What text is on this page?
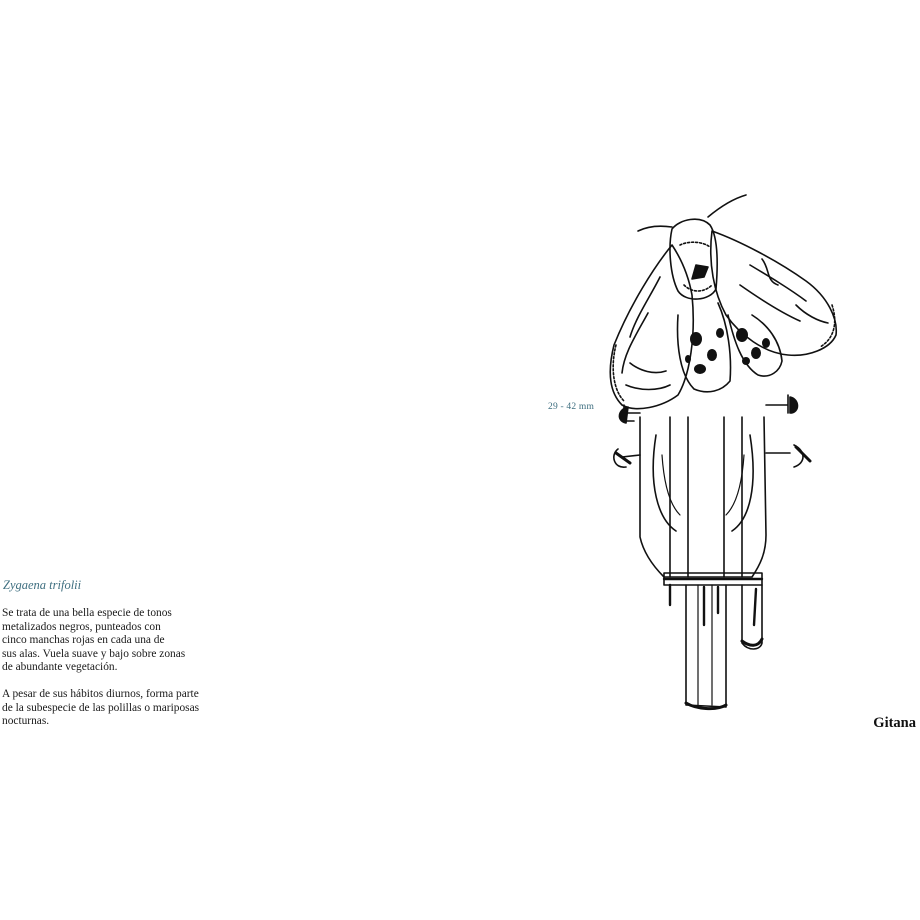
Zygaena trifolii

Se trata de una bella especie de tonos
metalizados negros, punteados con
cinco manchas rojas en cada una de
sus alas. Vuela suave y bajo sobre zonas
de abundante vegetación.

A pesar de sus hábitos diurnos, forma parte
de la subespecie de las polillas o mariposas
nocturnas.

29 - 42 mm
Gitana
